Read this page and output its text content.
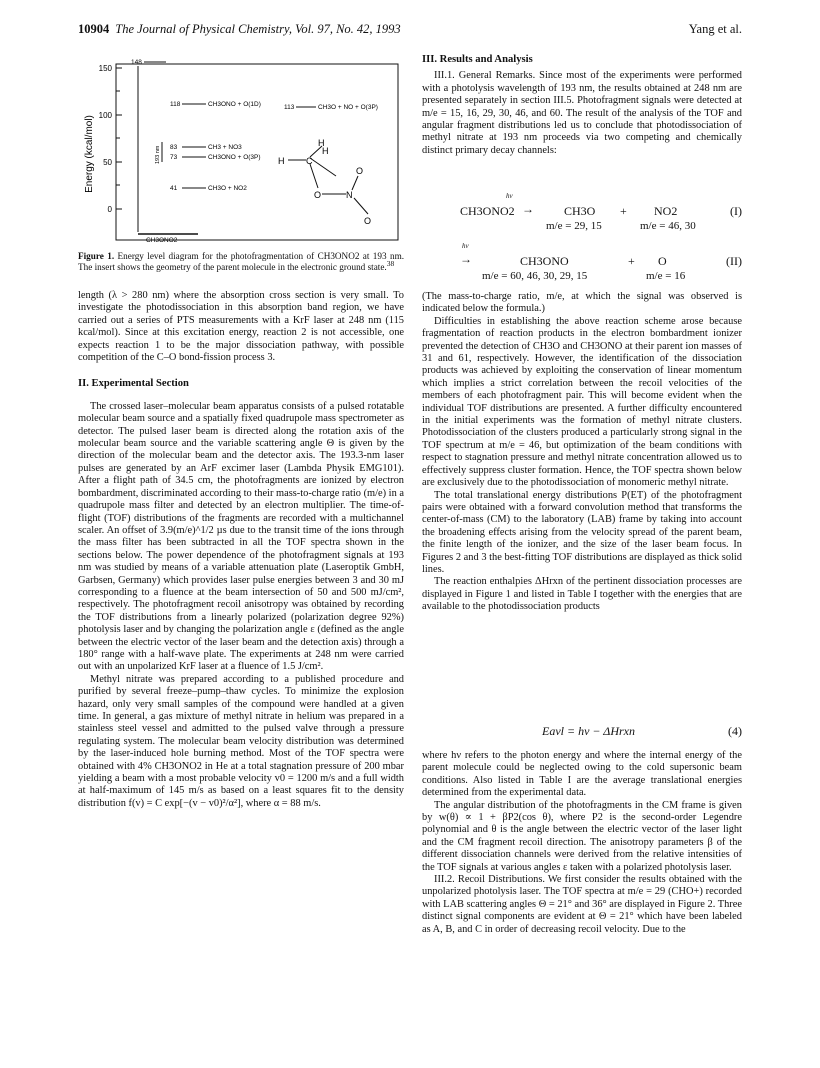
10904 The Journal of Physical Chemistry, Vol. 97, No. 42, 1993	Yang et al.
Energy (kcal/mol)
150
100
50
0
148
118	CH3ONO + O(1D)	113	CH3O + NO + O(3P)
83	CH3 + NO3
73	CH3ONO + O(3P)
41	CH3O + NO2
193 nm
CH3ONO2
H
H
H
C
O
O	N
O
Figure 1. Energy level diagram for the photofragmentation of CH3ONO2 at 193 nm. The insert shows the geometry of the parent molecule in the electronic ground state.$^{38}$

length (λ > 280 nm) where the absorption cross section is very small. To investigate the photodissociation in this absorption band region, we have carried out a series of PTS measurements with a KrF laser at 248 nm (115 kcal/mol). Since at this excitation energy, reaction 2 is not accessible, one expects reaction 1 to be the major dissociation pathway, with possible competition of the C–O bond-fission process 3.

II. Experimental Section

The crossed laser–molecular beam apparatus consists of a pulsed rotatable molecular beam source and a spatially fixed quadrupole mass spectrometer as detector. The pulsed laser beam is directed along the rotation axis of the molecular beam source and the variable scattering angle Θ is given by the direction of the molecular beam and the detector axis. The 193.3-nm laser pulses are generated by an ArF excimer laser (Lambda Physik EMG101). After a flight path of 34.5 cm, the photofragments are ionized by electron bombardment, discriminated according to their mass-to-charge ratio (m/e) in a quadrupole mass filter and detected by an electron multiplier. The time-of-flight (TOF) distributions of the fragments are recorded with a multichannel scaler. An offset of 3.9(m/e)^1/2 µs due to the transit time of the ions through the mass filter has been subtracted in all the TOF spectra shown in the sections below. The power dependence of the photofragment signals at 193 nm was studied by means of a variable attenuation plate (Laseroptik GmbH, Garbsen, Germany) which provides laser pulse energies between 3 and 30 mJ corresponding to a fluence at the beam intersection of 50 and 500 mJ/cm², respectively. The photofragment recoil anisotropy was obtained by recording the TOF distributions from a linearly polarized (polarization degree 92%) photolysis laser and by changing the polarization angle ε (defined as the angle between the electric vector of the laser beam and the detection axis) through a 180° range with a half-wave plate. The experiments at 248 nm were carried out with an unpolarized KrF laser at a fluence of 1.5 J/cm².

Methyl nitrate was prepared according to a published procedure and purified by several freeze–pump–thaw cycles. To minimize the explosion hazard, only very small samples of the compound were handled at a given time. In general, a gas mixture of methyl nitrate in helium was prepared in a stainless steel vessel and admitted to the pulsed valve through a pressure regulating system. The molecular beam velocity distribution was determined by the laser-induced hole burning method. Most of the TOF spectra were obtained with 4% CH3ONO2 in He at a total stagnation pressure of 200 mbar yielding a beam with a most probable velocity v0 = 1200 m/s and a full width at half-maximum of 145 m/s as based on a least squares fit to the density distribution f(v) = C exp[−(v − v0)²/α²], where α = 88 m/s.

III. Results and Analysis

III.1. General Remarks. Since most of the experiments were performed with a photolysis wavelength of 193 nm, the results obtained at 248 nm are presented separately in section III.5. Photofragment signals were detected at m/e = 15, 16, 29, 30, 46, and 60. The result of the analysis of the TOF and angular fragment distributions led us to conclude that photodissociation of methyl nitrate at 193 nm proceeds via two competing and chemically distinct primary decay channels:

hν
CH3ONO2 →	CH3O + NO2	(I)
m/e = 29, 15	m/e = 46, 30
hν
→	CH3ONO	+ O	(II)
m/e = 60, 46, 30, 29, 15	m/e = 16

(The mass-to-charge ratio, m/e, at which the signal was observed is indicated below the formula.)

Difficulties in establishing the above reaction scheme arose because fragmentation of reaction products in the electron bombardment ionizer prevented the detection of CH3O and CH3ONO at their parent ion masses of 31 and 61, respectively. However, the identification of the dissociation products was achieved by exploiting the conservation of linear momentum which implies a strict correlation between the recoil velocities of the members of each photofragment pair. This will become evident when the individual TOF distributions are presented. A further difficulty encountered in the initial experiments was the formation of methyl nitrate clusters. Photodissociation of the clusters produced a particularly strong signal in the TOF spectrum at m/e = 46, but optimization of the beam conditions with respect to stagnation pressure and methyl nitrate concentration allowed us to effectively suppress cluster formation. Hence, the TOF spectra shown below are exclusively due to the photodissociation of monomeric methyl nitrate.

The total translational energy distributions P(ET) of the photofragment pairs were obtained with a forward convolution method that transforms the center-of-mass (CM) to the laboratory (LAB) frame by taking into account the broadening effects arising from the velocity spread of the parent beam, the finite length of the ionizer, and the size of the laser beam focus. In Figures 2 and 3 the best-fitting TOF distributions are displayed as thick solid lines.

The reaction enthalpies ΔHrxn of the pertinent dissociation processes are displayed in Figure 1 and listed in Table I together with the energies that are available to the photodissociation products

Eavl = hν − ΔHrxn	(4)

where hν refers to the photon energy and where the internal energy of the parent molecule could be neglected owing to the cold supersonic beam conditions. Also listed in Table I are the average translational energies determined from the experimental data.

The angular distribution of the photofragments in the CM frame is given by w(θ) ∝ 1 + βP2(cos θ), where P2 is the second-order Legendre polynomial and θ is the angle between the electric vector of the laser light and the CM fragment recoil direction. The anisotropy parameters β of the different dissociation channels were derived from the relative intensities of the TOF signals at various angles ε taken with a polarized photolysis laser.

III.2. Recoil Distributions. We first consider the results obtained with the unpolarized photolysis laser. The TOF spectra at m/e = 29 (CHO+) recorded with LAB scattering angles Θ = 21° and 36° are displayed in Figure 2. Three distinct signal components are evident at Θ = 21° which have been labeled as A, B, and C in order of decreasing recoil velocity. Due to the
